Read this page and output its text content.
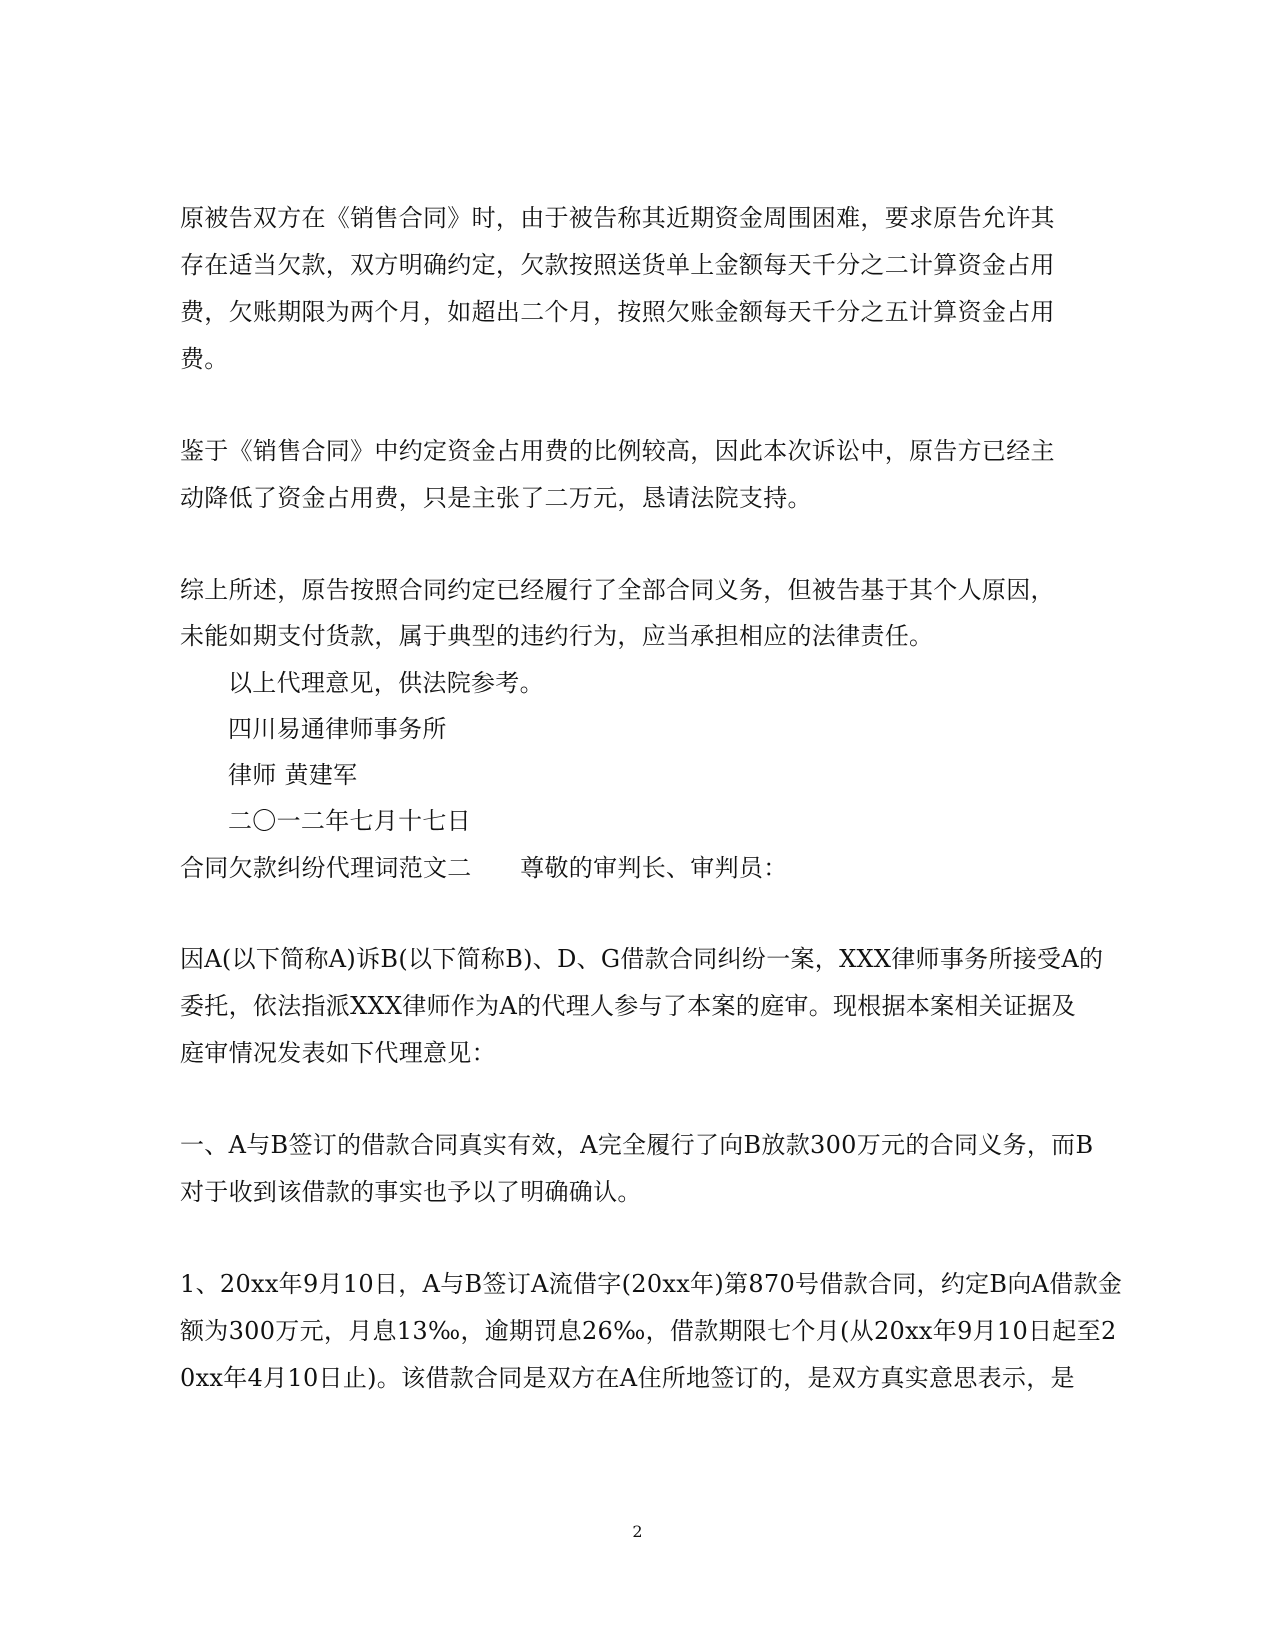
原被告双方在《销售合同》时，由于被告称其近期资金周围困难，要求原告允许其
存在适当欠款，双方明确约定，欠款按照送货单上金额每天千分之二计算资金占用
费，欠账期限为两个月，如超出二个月，按照欠账金额每天千分之五计算资金占用
费。
鉴于《销售合同》中约定资金占用费的比例较高，因此本次诉讼中，原告方已经主
动降低了资金占用费，只是主张了二万元，恳请法院支持。
综上所述，原告按照合同约定已经履行了全部合同义务，但被告基于其个人原因，
未能如期支付货款，属于典型的违约行为，应当承担相应的法律责任。
以上代理意见，供法院参考。
四川易通律师事务所
律师 黄建军
二〇一二年七月十七日
合同欠款纠纷代理词范文二　　尊敬的审判长、审判员：
因A(以下简称A)诉B(以下简称B)、D、G借款合同纠纷一案，XXX律师事务所接受A的
委托，依法指派XXX律师作为A的代理人参与了本案的庭审。现根据本案相关证据及
庭审情况发表如下代理意见：
一、A与B签订的借款合同真实有效，A完全履行了向B放款300万元的合同义务，而B
对于收到该借款的事实也予以了明确确认。
1、20xx年9月10日，A与B签订A流借字(20xx年)第870号借款合同，约定B向A借款金
额为300万元，月息13‰，逾期罚息26‰，借款期限七个月(从20xx年9月10日起至2
0xx年4月10日止)。该借款合同是双方在A住所地签订的，是双方真实意思表示，是
2
